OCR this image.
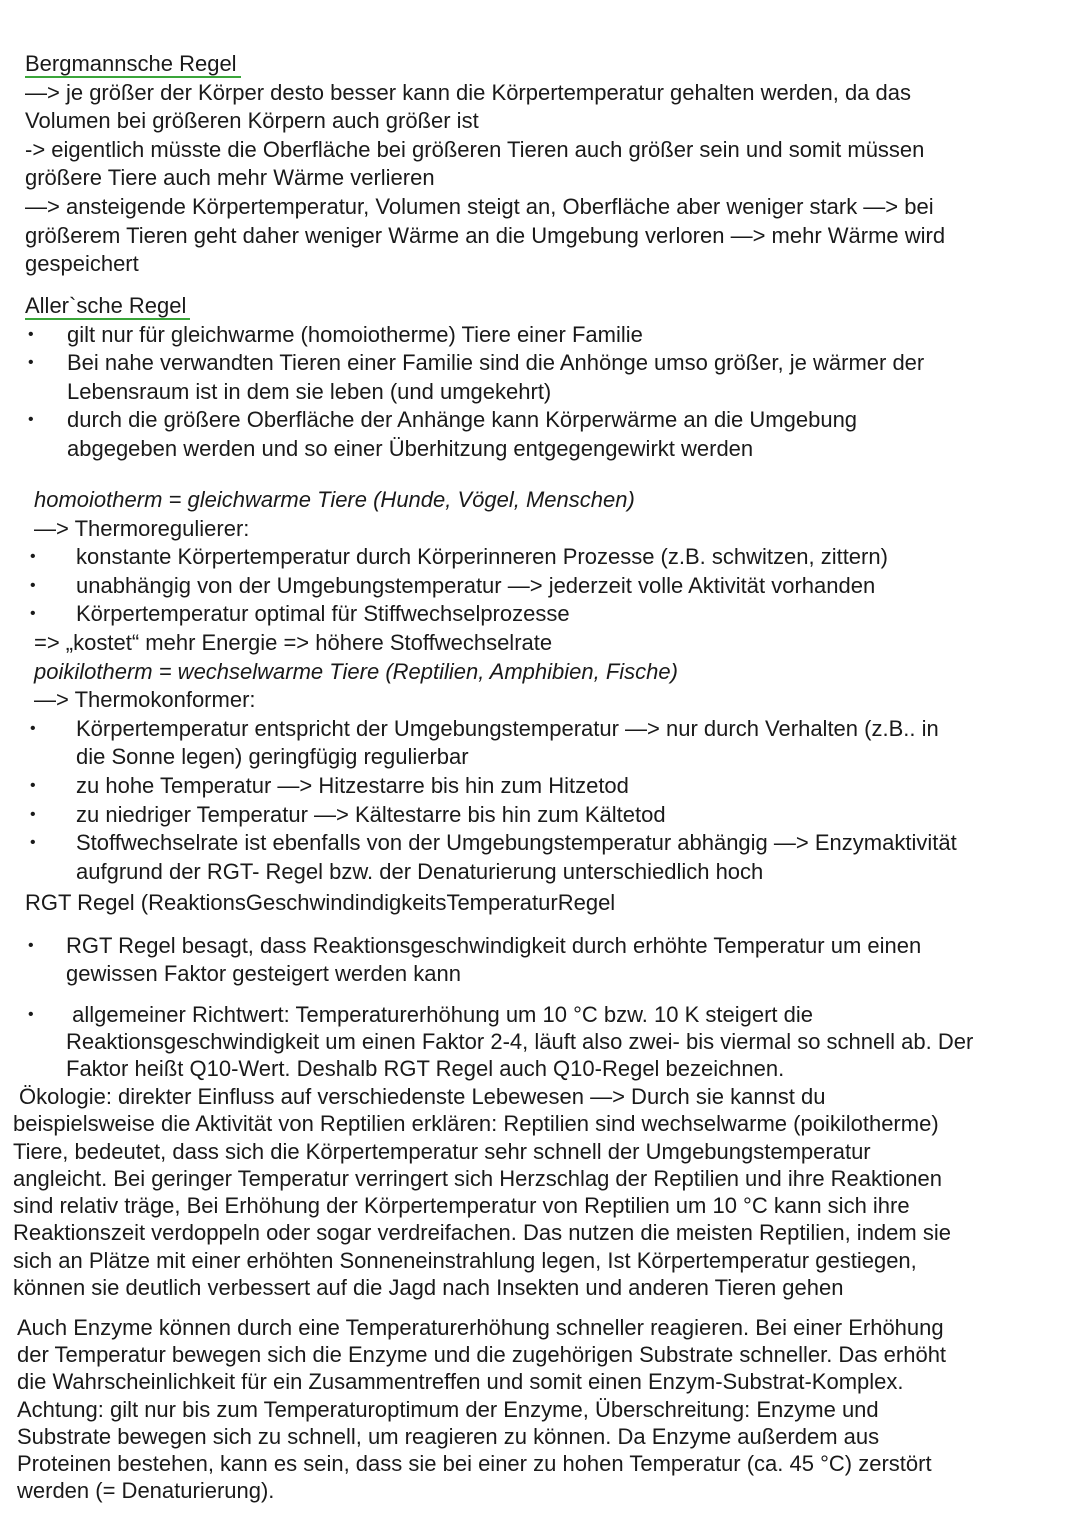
Bergmannsche Regel
—> je größer der Körper desto besser kann die Körpertemperatur gehalten werden, da das
Volumen bei größeren Körpern auch größer ist
-> eigentlich müsste die Oberfläche bei größeren Tieren auch größer sein und somit müssen
größere Tiere auch mehr Wärme verlieren
—> ansteigende Körpertemperatur, Volumen steigt an, Oberfläche aber weniger stark —> bei
größerem Tieren geht daher weniger Wärme an die Umgebung verloren —> mehr Wärme wird
gespeichert
Aller`sche Regel
• gilt nur für gleichwarme (homoiotherme) Tiere einer Familie
• Bei nahe verwandten Tieren einer Familie sind die Anhönge umso größer, je wärmer der
Lebensraum ist in dem sie leben (und umgekehrt)
• durch die größere Oberfläche der Anhänge kann Körperwärme an die Umgebung
abgegeben werden und so einer Überhitzung entgegengewirkt werden
homoiotherm = gleichwarme Tiere (Hunde, Vögel, Menschen)
—> Thermoregulierer:
• konstante Körpertemperatur durch Körperinneren Prozesse (z.B. schwitzen, zittern)
• unabhängig von der Umgebungstemperatur —> jederzeit volle Aktivität vorhanden
• Körpertemperatur optimal für Stiffwechselprozesse
=> „kostet“ mehr Energie => höhere Stoffwechselrate
poikilotherm = wechselwarme Tiere (Reptilien, Amphibien, Fische)
—> Thermokonformer:
• Körpertemperatur entspricht der Umgebungstemperatur —> nur durch Verhalten (z.B.. in
die Sonne legen) geringfügig regulierbar
• zu hohe Temperatur —> Hitzestarre bis hin zum Hitzetod
• zu niedriger Temperatur —> Kältestarre bis hin zum Kältetod
• Stoffwechselrate ist ebenfalls von der Umgebungstemperatur abhängig —> Enzymaktivität
aufgrund der RGT- Regel bzw. der Denaturierung unterschiedlich hoch
RGT Regel (ReaktionsGeschwindindigkeitsTemperaturRegel
• RGT Regel besagt, dass Reaktionsgeschwindigkeit durch erhöhte Temperatur um einen
gewissen Faktor gesteigert werden kann
• allgemeiner Richtwert: Temperaturerhöhung um 10 °C bzw. 10 K steigert die
Reaktionsgeschwindigkeit um einen Faktor 2-4, läuft also zwei- bis viermal so schnell ab. Der
Faktor heißt Q10-Wert. Deshalb RGT Regel auch Q10-Regel bezeichnen.
Ökologie: direkter Einfluss auf verschiedenste Lebewesen —> Durch sie kannst du
beispielsweise die Aktivität von Reptilien erklären: Reptilien sind wechselwarme (poikilotherme)
Tiere, bedeutet, dass sich die Körpertemperatur sehr schnell der Umgebungstemperatur
angleicht. Bei geringer Temperatur verringert sich Herzschlag der Reptilien und ihre Reaktionen
sind relativ träge, Bei Erhöhung der Körpertemperatur von Reptilien um 10 °C kann sich ihre
Reaktionszeit verdoppeln oder sogar verdreifachen. Das nutzen die meisten Reptilien, indem sie
sich an Plätze mit einer erhöhten Sonneneinstrahlung legen, Ist Körpertemperatur gestiegen,
können sie deutlich verbessert auf die Jagd nach Insekten und anderen Tieren gehen
Auch Enzyme können durch eine Temperaturerhöhung schneller reagieren. Bei einer Erhöhung
der Temperatur bewegen sich die Enzyme und die zugehörigen Substrate schneller. Das erhöht
die Wahrscheinlichkeit für ein Zusammentreffen und somit einen Enzym-Substrat-Komplex.
Achtung: gilt nur bis zum Temperaturoptimum der Enzyme, Überschreitung: Enzyme und
Substrate bewegen sich zu schnell, um reagieren zu können. Da Enzyme außerdem aus
Proteinen bestehen, kann es sein, dass sie bei einer zu hohen Temperatur (ca. 45 °C) zerstört
werden (= Denaturierung).
